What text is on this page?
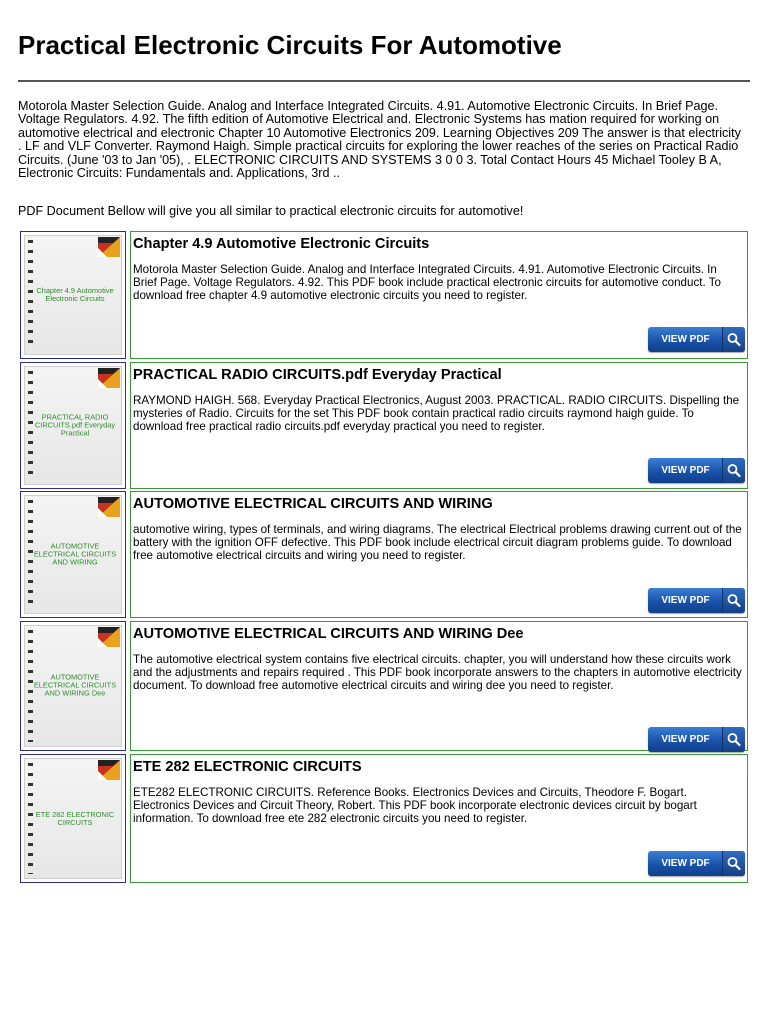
Practical Electronic Circuits For Automotive

Motorola Master Selection Guide. Analog and Interface Integrated Circuits. 4.91. Automotive Electronic Circuits. In Brief Page. Voltage Regulators. 4.92. The fifth edition of Automotive Electrical and. Electronic Systems has mation required for working on automotive electrical and electronic Chapter 10 Automotive Electronics 209. Learning Objectives 209 The answer is that electricity . LF and VLF Converter. Raymond Haigh. Simple practical circuits for exploring the lower reaches of the series on Practical Radio Circuits. (June '03 to Jan '05), . ELECTRONIC CIRCUITS AND SYSTEMS 3 0 0 3. Total Contact Hours 45 Michael Tooley B A, Electronic Circuits: Fundamentals and. Applications, 3rd ..

PDF Document Bellow will give you all similar to practical electronic circuits for automotive!

Chapter 4.9 Automotive Electronic Circuits
Chapter 4.9 Automotive Electronic Circuits

Motorola Master Selection Guide. Analog and Interface Integrated Circuits. 4.91. Automotive Electronic Circuits. In Brief Page. Voltage Regulators. 4.92. This PDF book include practical electronic circuits for automotive conduct. To download free chapter 4.9 automotive electronic circuits you need to register.

VIEW PDF
PRACTICAL RADIO CIRCUITS.pdf Everyday Practical
PRACTICAL RADIO CIRCUITS.pdf Everyday Practical

RAYMOND HAIGH. 568. Everyday Practical Electronics, August 2003. PRACTICAL. RADIO CIRCUITS. Dispelling the mysteries of Radio. Circuits for the set This PDF book contain practical radio circuits raymond haigh guide. To download free practical radio circuits.pdf everyday practical you need to register.

VIEW PDF
AUTOMOTIVE ELECTRICAL CIRCUITS AND WIRING
AUTOMOTIVE ELECTRICAL CIRCUITS AND WIRING

automotive wiring, types of terminals, and wiring diagrams. The electrical Electrical problems drawing current out of the battery with the ignition OFF defective. This PDF book include electrical circuit diagram problems guide. To download free automotive electrical circuits and wiring you need to register.

VIEW PDF
AUTOMOTIVE ELECTRICAL CIRCUITS AND WIRING Dee
AUTOMOTIVE ELECTRICAL CIRCUITS AND WIRING Dee

The automotive electrical system contains five electrical circuits. chapter, you will understand how these circuits work and the adjustments and repairs required . This PDF book incorporate answers to the chapters in automotive electricity document. To download free automotive electrical circuits and wiring dee you need to register.

VIEW PDF
ETE 282 ELECTRONIC CIRCUITS
ETE 282 ELECTRONIC CIRCUITS

ETE282 ELECTRONIC CIRCUITS. Reference Books. Electronics Devices and Circuits, Theodore F. Bogart. Electronics Devices and Circuit Theory, Robert. This PDF book incorporate electronic devices circuit by bogart information. To download free ete 282 electronic circuits you need to register.

VIEW PDF
